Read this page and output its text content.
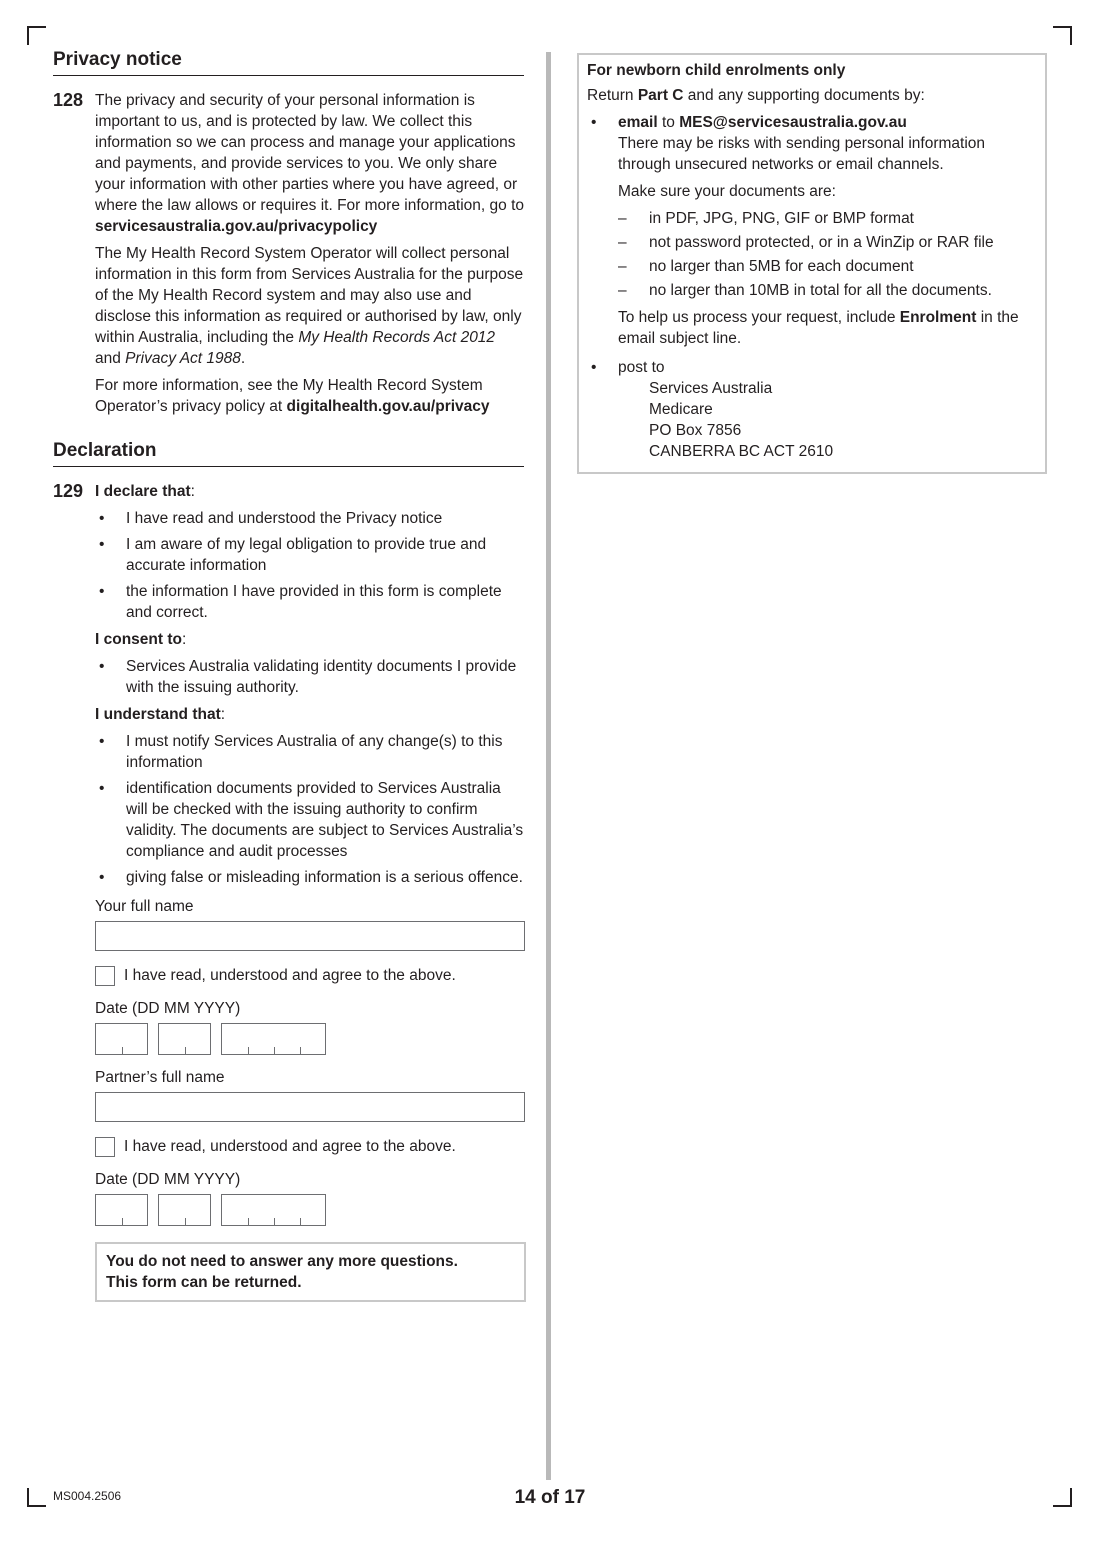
Privacy notice
128 The privacy and security of your personal information is important to us, and is protected by law. We collect this information so we can process and manage your applications and payments, and provide services to you. We only share your information with other parties where you have agreed, or where the law allows or requires it. For more information, go to servicesaustralia.gov.au/privacypolicy

The My Health Record System Operator will collect personal information in this form from Services Australia for the purpose of the My Health Record system and may also use and disclose this information as required or authorised by law, only within Australia, including the My Health Records Act 2012 and Privacy Act 1988.

For more information, see the My Health Record System Operator’s privacy policy at digitalhealth.gov.au/privacy

Declaration
129 I declare that:

• I have read and understood the Privacy notice
• I am aware of my legal obligation to provide true and accurate information
• the information I have provided in this form is complete and correct.

I consent to:

• Services Australia validating identity documents I provide with the issuing authority.

I understand that:

• I must notify Services Australia of any change(s) to this information
• identification documents provided to Services Australia will be checked with the issuing authority to confirm validity. The documents are subject to Services Australia’s compliance and audit processes
• giving false or misleading information is a serious offence.
Your full name
I have read, understood and agree to the above.
Date (DD MM YYYY)
Partner’s full name
I have read, understood and agree to the above.
Date (DD MM YYYY)
You do not need to answer any more questions.
This form can be returned.
For newborn child enrolments only

Return Part C and any supporting documents by:

• email to MES@servicesaustralia.gov.au

There may be risks with sending personal information through unsecured networks or email channels.

Make sure your documents are:

– in PDF, JPG, PNG, GIF or BMP format
– not password protected, or in a WinZip or RAR file
– no larger than 5MB for each document
– no larger than 10MB in total for all the documents.

To help us process your request, include Enrolment in the email subject line.

• post to
Services Australia
Medicare
PO Box 7856
CANBERRA BC ACT 2610
MS004.2506	14 of 17
